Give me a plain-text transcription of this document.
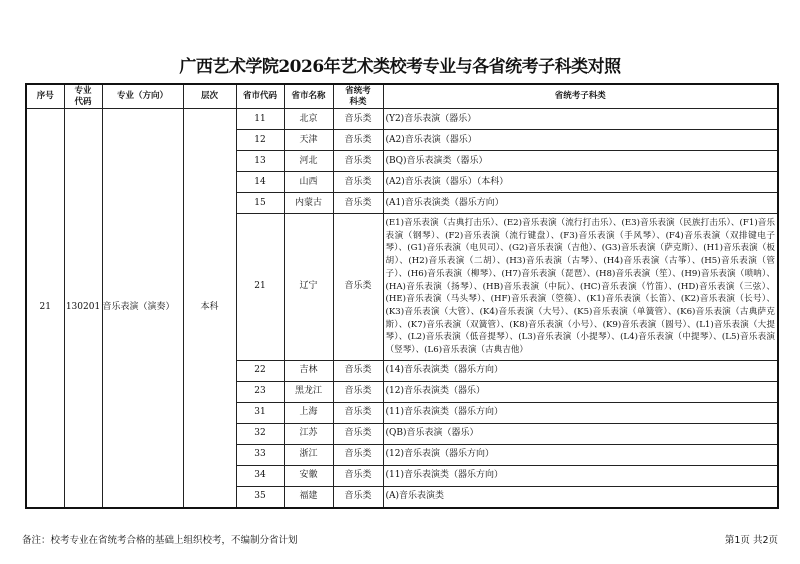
广西艺术学院2026年艺术类校考专业与各省统考子科类对照
序号	专业代码	专业（方向）	层次	省市代码	省市名称	省统考科类	省统考子科类
21	130201	音乐表演（演奏）	本科	11	北京	音乐类	(Y2)音乐表演（器乐）
				12	天津	音乐类	(A2)音乐表演（器乐）
				13	河北	音乐类	(BQ)音乐表演类（器乐）
				14	山西	音乐类	(A2)音乐表演（器乐）（本科）
				15	内蒙古	音乐类	(A1)音乐表演类（器乐方向）
				21	辽宁	音乐类	(E1)音乐表演（古典打击乐）、(E2)音乐表演（流行打击乐）、(E3)音乐表演（民族打击乐）、(F1)音乐表演（钢琴）、(F2)音乐表演（流行键盘）、(F3)音乐表演（手风琴）、(F4)音乐表演（双排键电子琴）、(G1)音乐表演（电贝司）、(G2)音乐表演（吉他）、(G3)音乐表演（萨克斯）、(H1)音乐表演（板胡）、(H2)音乐表演（二胡）、(H3)音乐表演（古琴）、(H4)音乐表演（古筝）、(H5)音乐表演（管子）、(H6)音乐表演（柳琴）、(H7)音乐表演（琵琶）、(H8)音乐表演（笙）、(H9)音乐表演（唢呐）、(HA)音乐表演（扬琴）、(HB)音乐表演（中阮）、(HC)音乐表演（竹笛）、(HD)音乐表演（三弦）、(HE)音乐表演（马头琴）、(HF)音乐表演（箜篌）、(K1)音乐表演（长笛）、(K2)音乐表演（长号）、(K3)音乐表演（大管）、(K4)音乐表演（大号）、(K5)音乐表演（单簧管）、(K6)音乐表演（古典萨克斯）、(K7)音乐表演（双簧管）、(K8)音乐表演（小号）、(K9)音乐表演（圆号）、(L1)音乐表演（大提琴）、(L2)音乐表演（低音提琴）、(L3)音乐表演（小提琴）、(L4)音乐表演（中提琴）、(L5)音乐表演（竖琴）、(L6)音乐表演（古典吉他）
				22	吉林	音乐类	(14)音乐表演类（器乐方向）
				23	黑龙江	音乐类	(12)音乐表演类（器乐）
				31	上海	音乐类	(11)音乐表演类（器乐方向）
				32	江苏	音乐类	(QB)音乐表演（器乐）
				33	浙江	音乐类	(12)音乐表演（器乐方向）
				34	安徽	音乐类	(11)音乐表演类（器乐方向）
				35	福建	音乐类	(A)音乐表演类
备注：校考专业在省统考合格的基础上组织校考，不编制分省计划	第1页 共2页
